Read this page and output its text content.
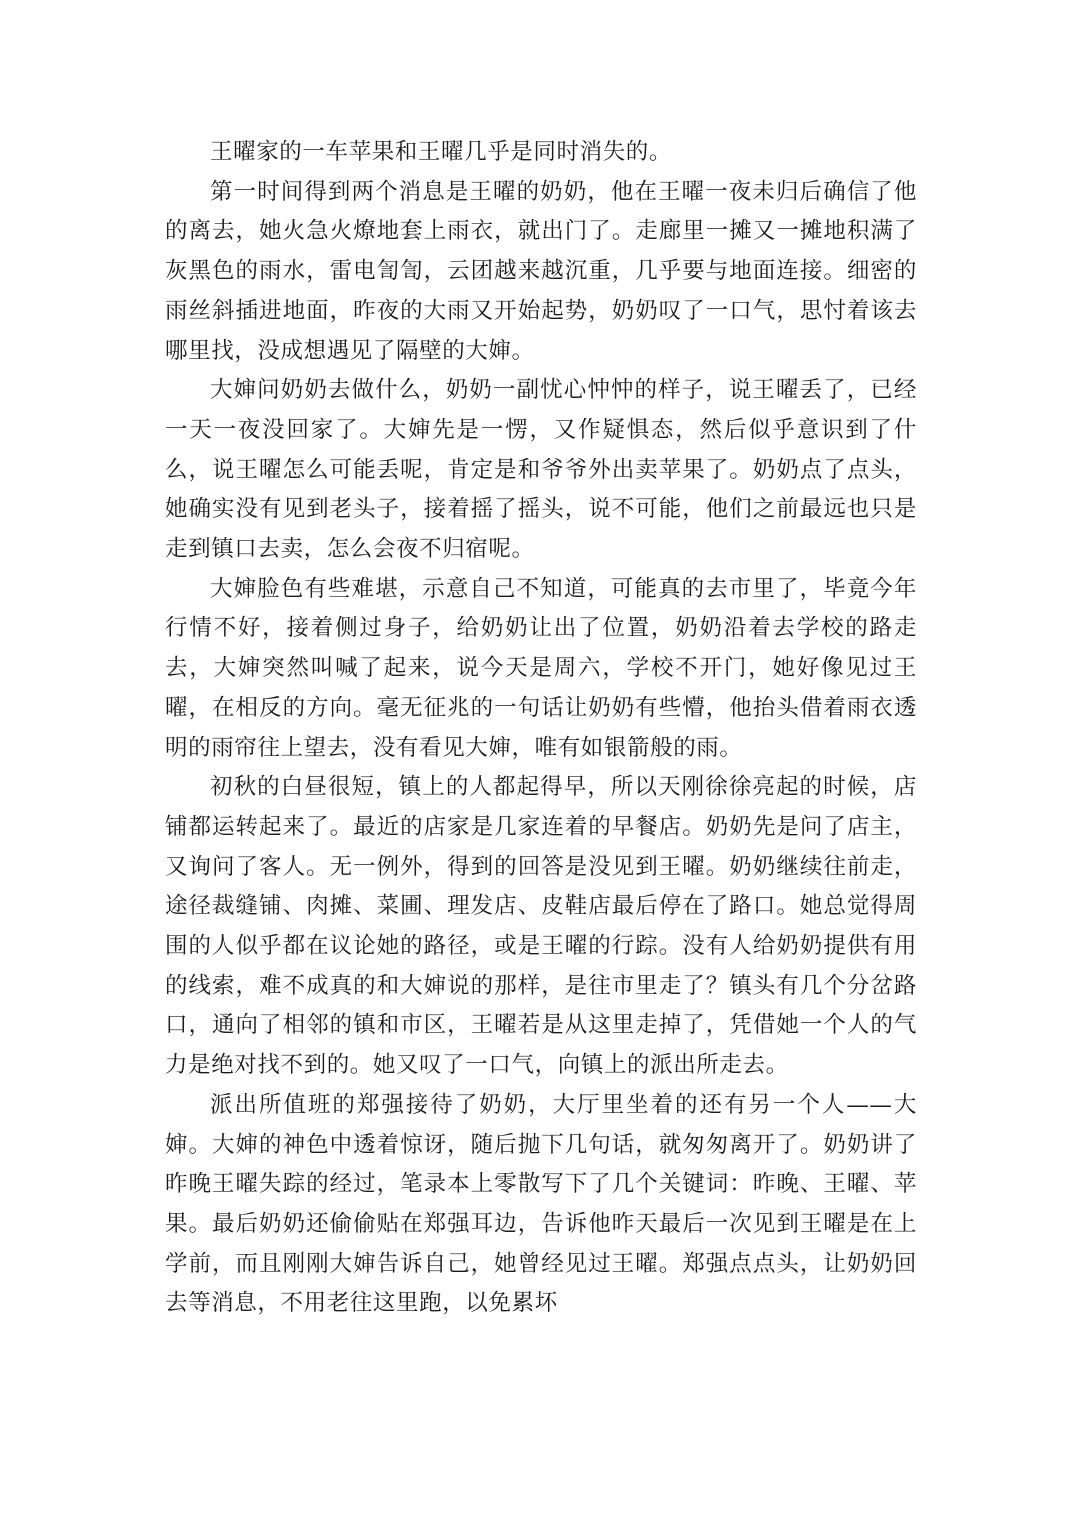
王曜家的一车苹果和王曜几乎是同时消失的。

第一时间得到两个消息是王曜的奶奶，他在王曜一夜未归后确信了他的离去，她火急火燎地套上雨衣，就出门了。走廊里一摊又一摊地积满了灰黑色的雨水，雷电訇訇，云团越来越沉重，几乎要与地面连接。细密的雨丝斜插进地面，昨夜的大雨又开始起势，奶奶叹了一口气，思忖着该去哪里找，没成想遇见了隔壁的大婶。

大婶问奶奶去做什么，奶奶一副忧心忡忡的样子，说王曜丢了，已经一天一夜没回家了。大婶先是一愣，又作疑惧态，然后似乎意识到了什么，说王曜怎么可能丢呢，肯定是和爷爷外出卖苹果了。奶奶点了点头，她确实没有见到老头子，接着摇了摇头，说不可能，他们之前最远也只是走到镇口去卖，怎么会夜不归宿呢。

大婶脸色有些难堪，示意自己不知道，可能真的去市里了，毕竟今年行情不好，接着侧过身子，给奶奶让出了位置，奶奶沿着去学校的路走去，大婶突然叫喊了起来，说今天是周六，学校不开门，她好像见过王曜，在相反的方向。毫无征兆的一句话让奶奶有些懵，他抬头借着雨衣透明的雨帘往上望去，没有看见大婶，唯有如银箭般的雨。

初秋的白昼很短，镇上的人都起得早，所以天刚徐徐亮起的时候，店铺都运转起来了。最近的店家是几家连着的早餐店。奶奶先是问了店主，又询问了客人。无一例外，得到的回答是没见到王曜。奶奶继续往前走，途径裁缝铺、肉摊、菜圃、理发店、皮鞋店最后停在了路口。她总觉得周围的人似乎都在议论她的路径，或是王曜的行踪。没有人给奶奶提供有用的线索，难不成真的和大婶说的那样，是往市里走了？镇头有几个分岔路口，通向了相邻的镇和市区，王曜若是从这里走掉了，凭借她一个人的气力是绝对找不到的。她又叹了一口气，向镇上的派出所走去。

派出所值班的郑强接待了奶奶，大厅里坐着的还有另一个人——大婶。大婶的神色中透着惊讶，随后抛下几句话，就匆匆离开了。奶奶讲了昨晚王曜失踪的经过，笔录本上零散写下了几个关键词：昨晚、王曜、苹果。最后奶奶还偷偷贴在郑强耳边，告诉他昨天最后一次见到王曜是在上学前，而且刚刚大婶告诉自己，她曾经见过王曜。郑强点点头，让奶奶回去等消息，不用老往这里跑，以免累坏
